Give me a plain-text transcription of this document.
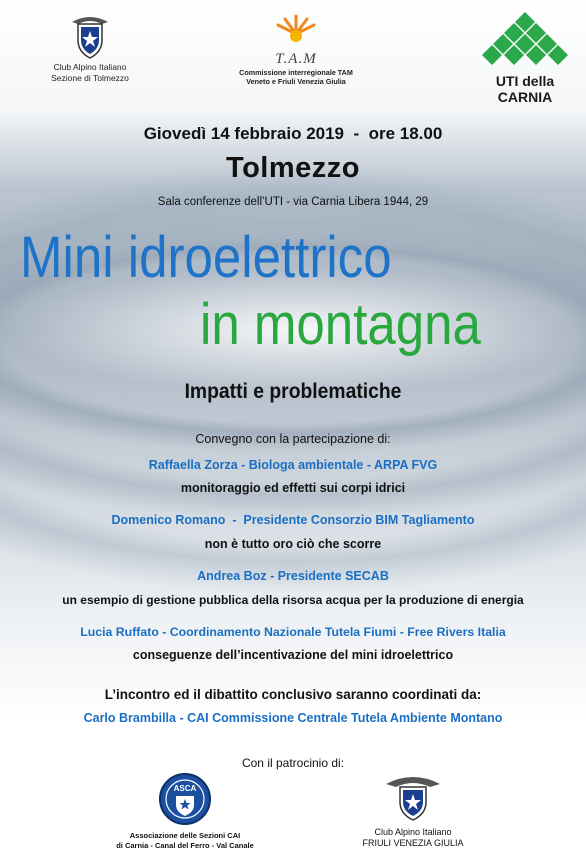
Club Alpino Italiano
Sezione di Tolmezzo
T.A.M
Commissione interregionale TAM
Veneto e Friuli Venezia Giulia	UTI della CARNIA
Giovedì 14 febbraio 2019  -  ore 18.00
Tolmezzo
Sala conferenze dell’UTI - via Carnia Libera 1944, 29
Mini idroelettrico
in montagna
Impatti e problematiche
Convegno con la partecipazione di:
Raffaella Zorza - Biologa ambientale - ARPA FVG
monitoraggio ed effetti sui corpi idrici
Domenico Romano  -  Presidente Consorzio BIM Tagliamento
non è tutto oro ciò che scorre
Andrea Boz - Presidente SECAB
un esempio di gestione pubblica della risorsa acqua per la produzione di energia
Lucia Ruffato - Coordinamento Nazionale Tutela Fiumi - Free Rivers Italia
conseguenze dell’incentivazione del mini idroelettrico
L’incontro ed il dibattito conclusivo saranno coordinati da:
Carlo Brambilla - CAI Commissione Centrale Tutela Ambiente Montano
Con il patrocinio di:
ASCA
Associazione delle Sezioni CAI
di Carnia - Canal del Ferro - Val Canale
Club Alpino Italiano
FRIULI VENEZIA GIULIA
